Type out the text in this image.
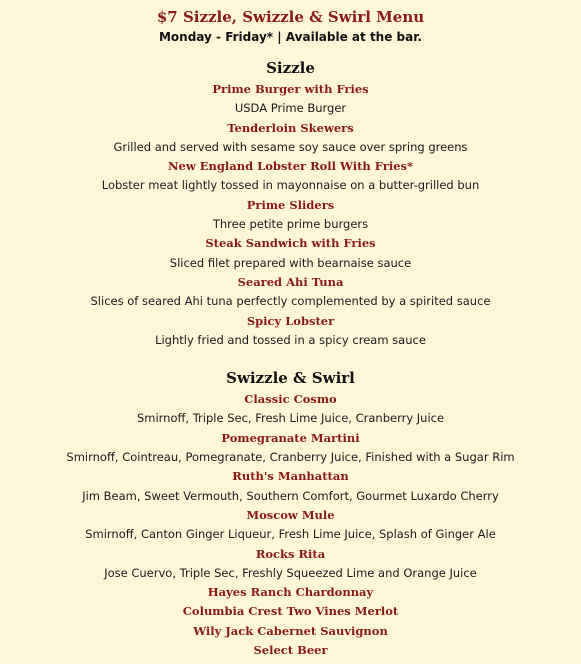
$7 Sizzle, Swizzle & Swirl Menu
Monday - Friday* | Available at the bar.
Sizzle
Prime Burger with Fries
USDA Prime Burger
Tenderloin Skewers
Grilled and served with sesame soy sauce over spring greens
New England Lobster Roll With Fries*
Lobster meat lightly tossed in mayonnaise on a butter-grilled bun
Prime Sliders
Three petite prime burgers
Steak Sandwich with Fries
Sliced filet prepared with bearnaise sauce
Seared Ahi Tuna
Slices of seared Ahi tuna perfectly complemented by a spirited sauce
Spicy Lobster
Lightly fried and tossed in a spicy cream sauce
Swizzle & Swirl
Classic Cosmo
Smirnoff, Triple Sec, Fresh Lime Juice, Cranberry Juice
Pomegranate Martini
Smirnoff, Cointreau, Pomegranate, Cranberry Juice, Finished with a Sugar Rim
Ruth's Manhattan
Jim Beam, Sweet Vermouth, Southern Comfort, Gourmet Luxardo Cherry
Moscow Mule
Smirnoff, Canton Ginger Liqueur, Fresh Lime Juice, Splash of Ginger Ale
Rocks Rita
Jose Cuervo, Triple Sec, Freshly Squeezed Lime and Orange Juice
Hayes Ranch Chardonnay
Columbia Crest Two Vines Merlot
Wily Jack Cabernet Sauvignon
Select Beer
